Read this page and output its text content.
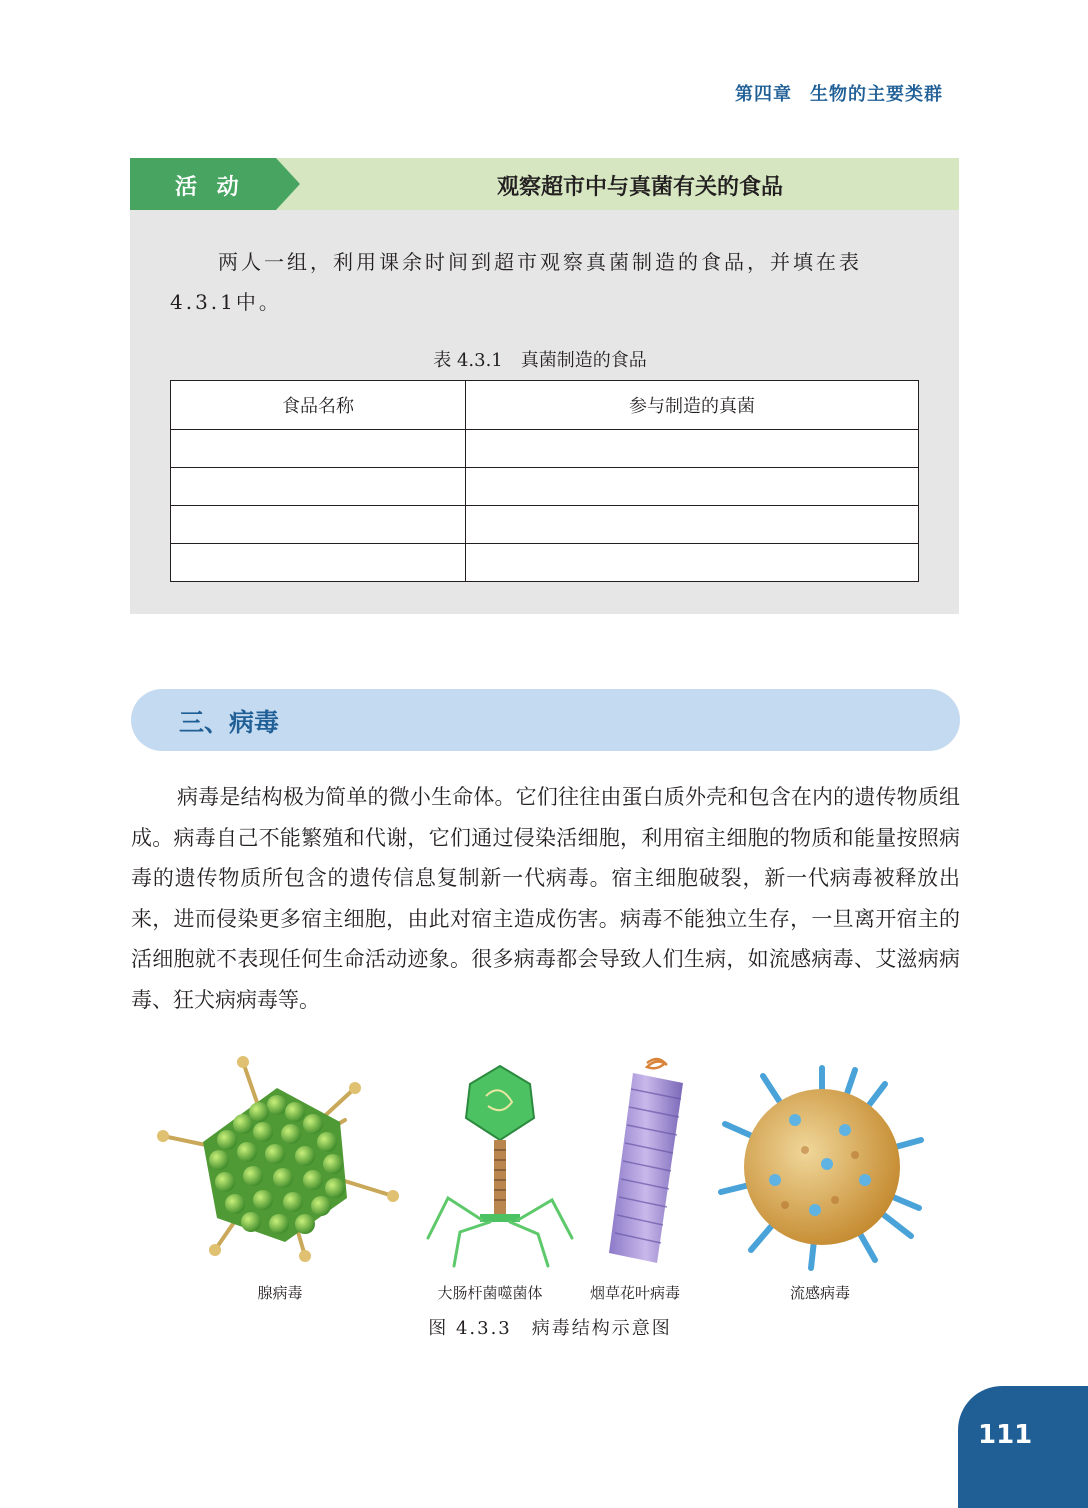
第四章 生物的主要类群
活 动	观察超市中与真菌有关的食品

两人一组，利用课余时间到超市观察真菌制造的食品，并填在表4.3.1中。

表 4.3.1　真菌制造的食品
食品名称	参与制造的真菌

三、病毒

病毒是结构极为简单的微小生命体。它们往往由蛋白质外壳和包含在内的遗传物质组成。病毒自己不能繁殖和代谢，它们通过侵染活细胞，利用宿主细胞的物质和能量按照病毒的遗传物质所包含的遗传信息复制新一代病毒。宿主细胞破裂，新一代病毒被释放出来，进而侵染更多宿主细胞，由此对宿主造成伤害。病毒不能独立生存，一旦离开宿主的活细胞就不表现任何生命活动迹象。很多病毒都会导致人们生病，如流感病毒、艾滋病病毒、狂犬病病毒等。

腺病毒	大肠杆菌噬菌体	烟草花叶病毒	流感病毒
图 4.3.3　病毒结构示意图
111
